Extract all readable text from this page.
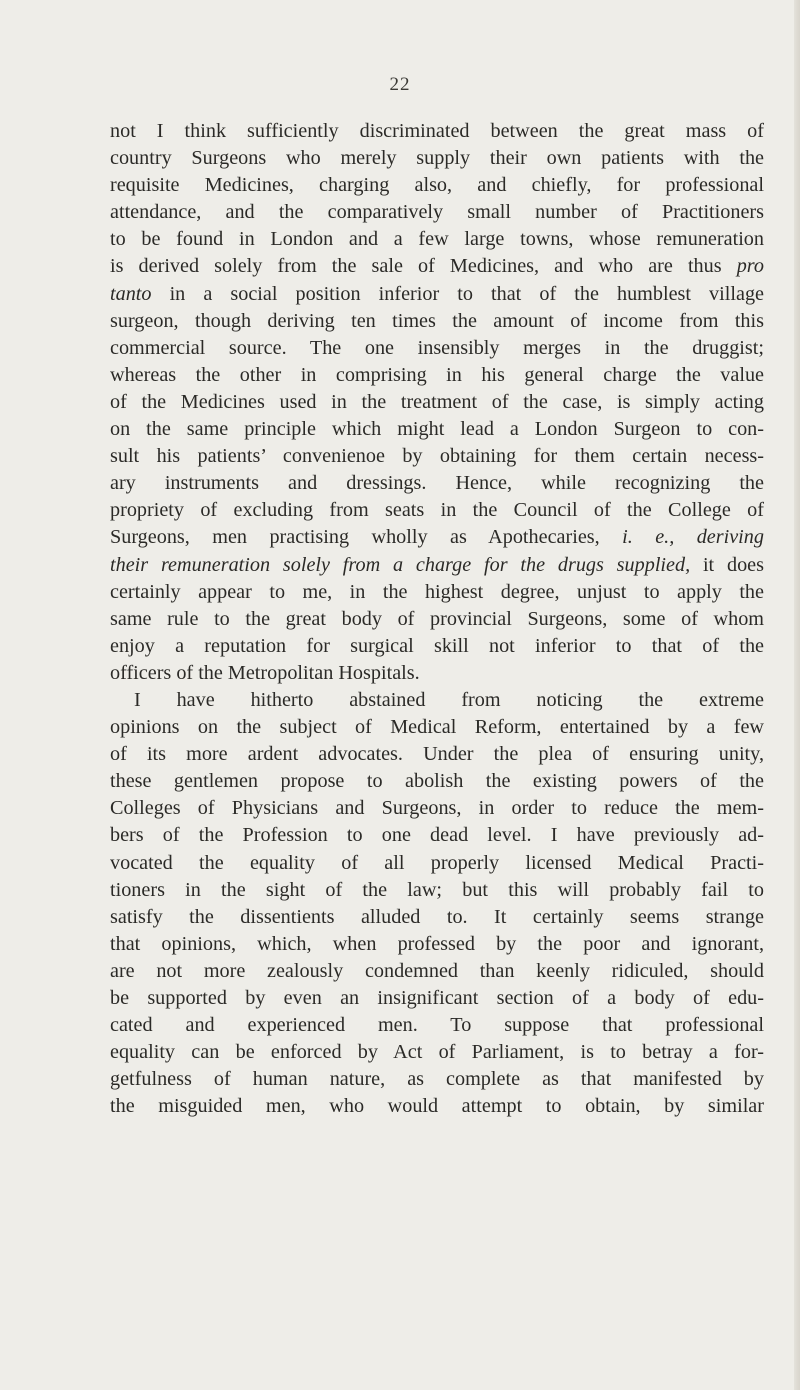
22
not I think sufficiently discriminated between the great mass of
country Surgeons who merely supply their own patients with the
requisite Medicines, charging also, and chiefly, for professional
attendance, and the comparatively small number of Practitioners
to be found in London and a few large towns, whose remuneration
is derived solely from the sale of Medicines, and who are thus pro
tanto in a social position inferior to that of the humblest village
surgeon, though deriving ten times the amount of income from this
commercial source. The one insensibly merges in the druggist;
whereas the other in comprising in his general charge the value
of the Medicines used in the treatment of the case, is simply acting
on the same principle which might lead a London Surgeon to con-
sult his patients’ convenienoe by obtaining for them certain necess-
ary instruments and dressings. Hence, while recognizing the
propriety of excluding from seats in the Council of the College of
Surgeons, men practising wholly as Apothecaries, i. e., deriving
their remuneration solely from a charge for the drugs supplied, it does
certainly appear to me, in the highest degree, unjust to apply the
same rule to the great body of provincial Surgeons, some of whom
enjoy a reputation for surgical skill not inferior to that of the
officers of the Metropolitan Hospitals.
I have hitherto abstained from noticing the extreme
opinions on the subject of Medical Reform, entertained by a few
of its more ardent advocates. Under the plea of ensuring unity,
these gentlemen propose to abolish the existing powers of the
Colleges of Physicians and Surgeons, in order to reduce the mem-
bers of the Profession to one dead level. I have previously ad-
vocated the equality of all properly licensed Medical Practi-
tioners in the sight of the law; but this will probably fail to
satisfy the dissentients alluded to. It certainly seems strange
that opinions, which, when professed by the poor and ignorant,
are not more zealously condemned than keenly ridiculed, should
be supported by even an insignificant section of a body of edu-
cated and experienced men. To suppose that professional
equality can be enforced by Act of Parliament, is to betray a for-
getfulness of human nature, as complete as that manifested by
the misguided men, who would attempt to obtain, by similar
